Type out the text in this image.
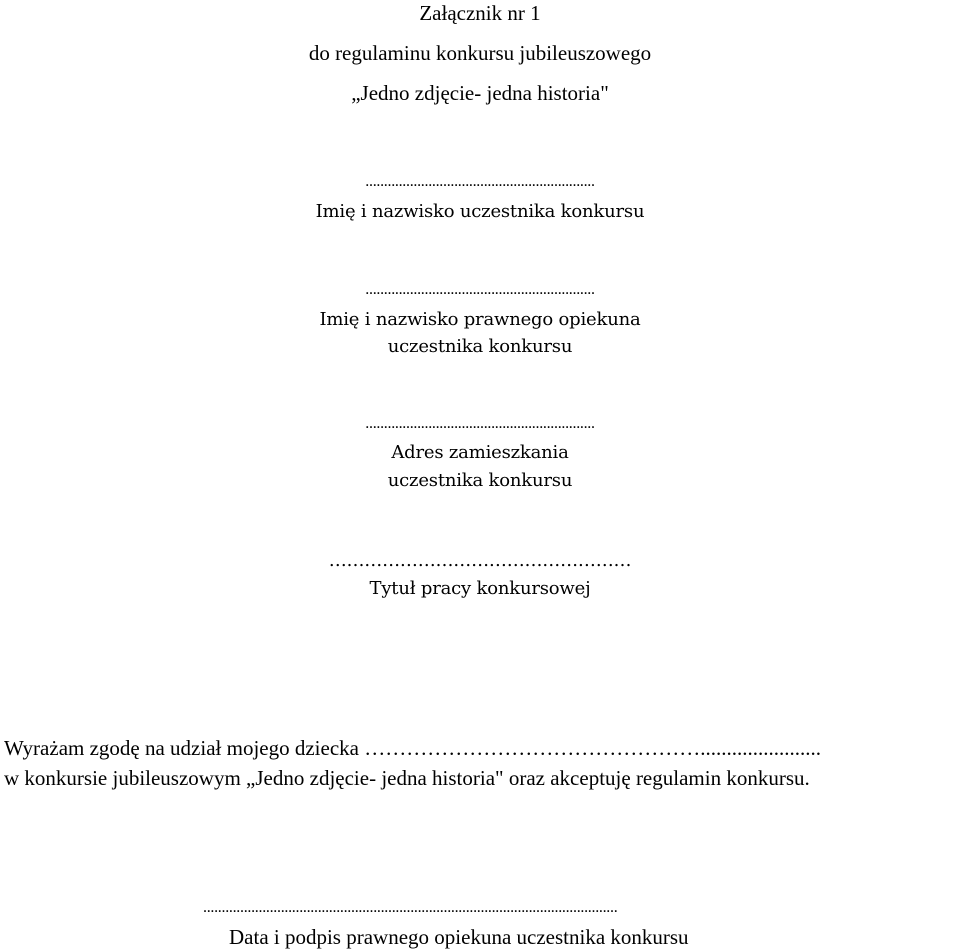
Załącznik nr 1
do regulaminu konkursu jubileuszowego
„Jedno zdjęcie- jedna historia"
..............................................................
Imię i nazwisko uczestnika konkursu
..............................................................
Imię i nazwisko prawnego opiekuna
uczestnika konkursu
..............................................................
Adres zamieszkania
uczestnika konkursu
……………………………………………
Tytuł pracy konkursowej
Wyrażam zgodę na udział mojego dziecka ………………………………………….......................
w konkursie jubileuszowym „Jedno zdjęcie- jedna historia" oraz akceptuję regulamin konkursu.
................................................................................................................
Data i podpis prawnego opiekuna uczestnika konkursu
